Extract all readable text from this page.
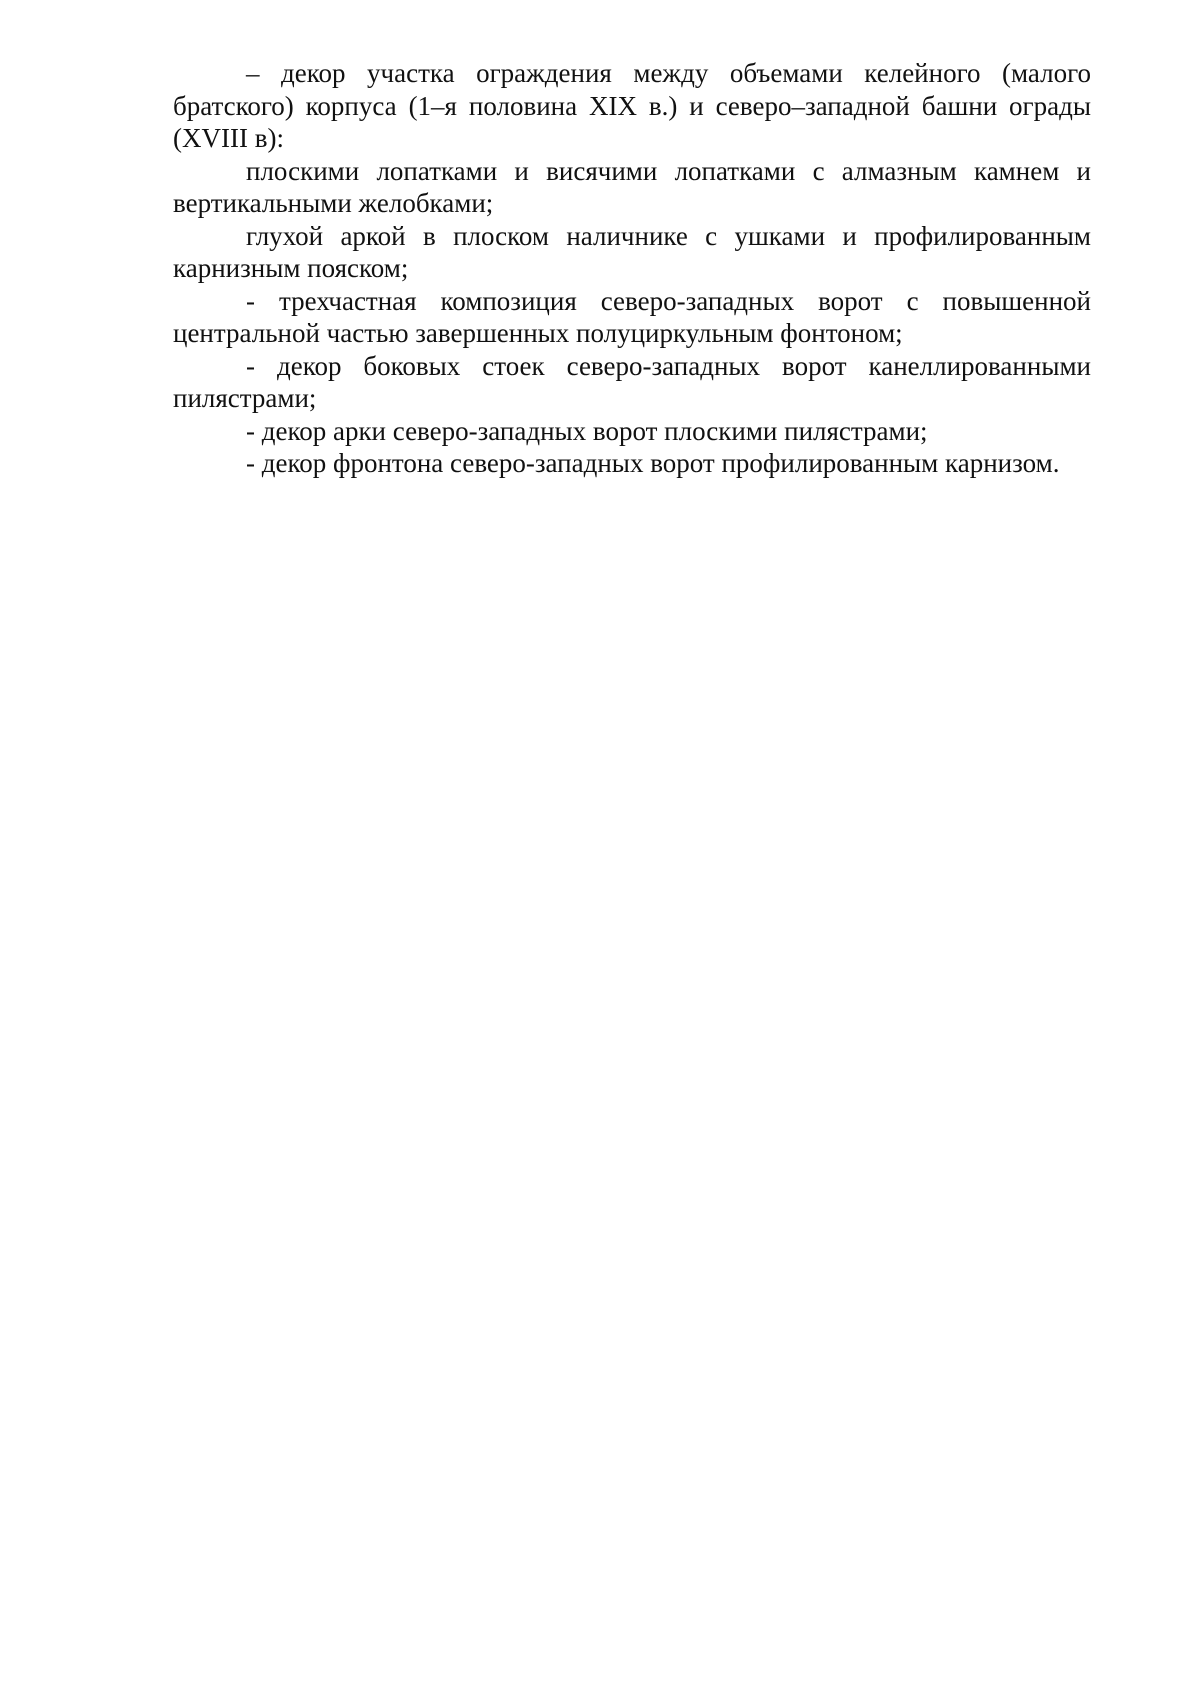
– декор участка ограждения между объемами келейного (малого братского) корпуса (1–я половина XIX в.) и северо–западной башни ограды (XVIII в):

плоскими лопатками и висячими лопатками с алмазным камнем и вертикальными желобками;

глухой аркой в плоском наличнике с ушками и профилированным карнизным пояском;

- трехчастная композиция северо-западных ворот с повышенной центральной частью завершенных полуциркульным фонтоном;

- декор боковых стоек северо-западных ворот канеллированными пилястрами;

- декор арки северо-западных ворот плоскими пилястрами;

- декор фронтона северо-западных ворот профилированным карнизом.
